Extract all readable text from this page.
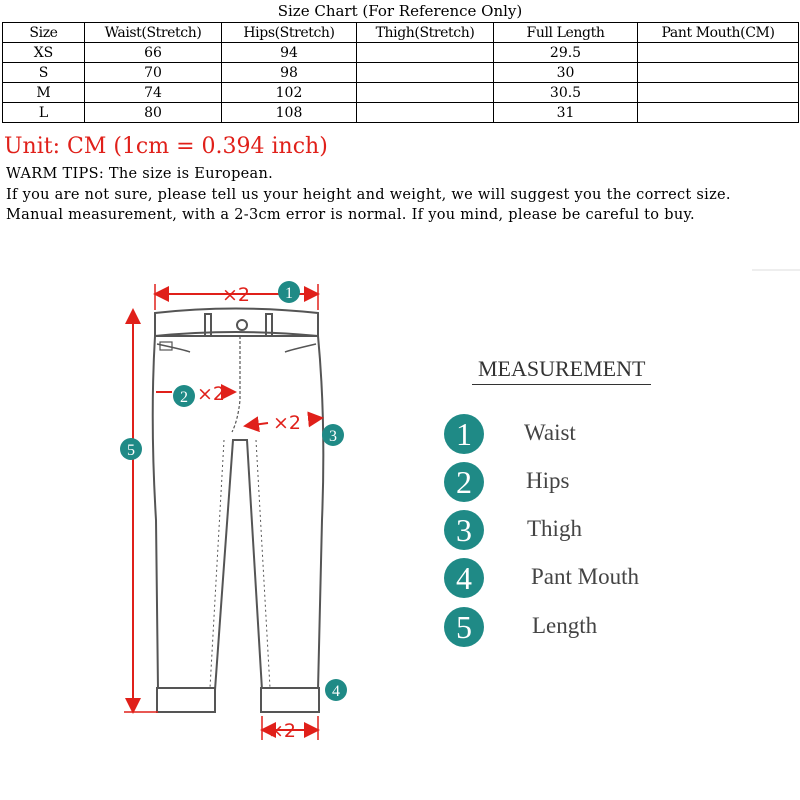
Size Chart (For Reference Only)
Size	Waist(Stretch)	Hips(Stretch)	Thigh(Stretch)	Full Length	Pant Mouth(CM)
XS	66	94		29.5	
S	70	98		30	
M	74	102		30.5	
L	80	108		31	
Unit: CM (1cm = 0.394 inch)

WARM TIPS: The size is European.

If you are not sure, please tell us your height and weight, we will suggest you the correct size.

Manual measurement, with a 2-3cm error is normal. If you mind, please be careful to buy.

×2
×2
×2
×2
1
2
3
4
5
MEASUREMENT
1	Waist
2	Hips
3	Thigh
4	Pant Mouth
5	Length
